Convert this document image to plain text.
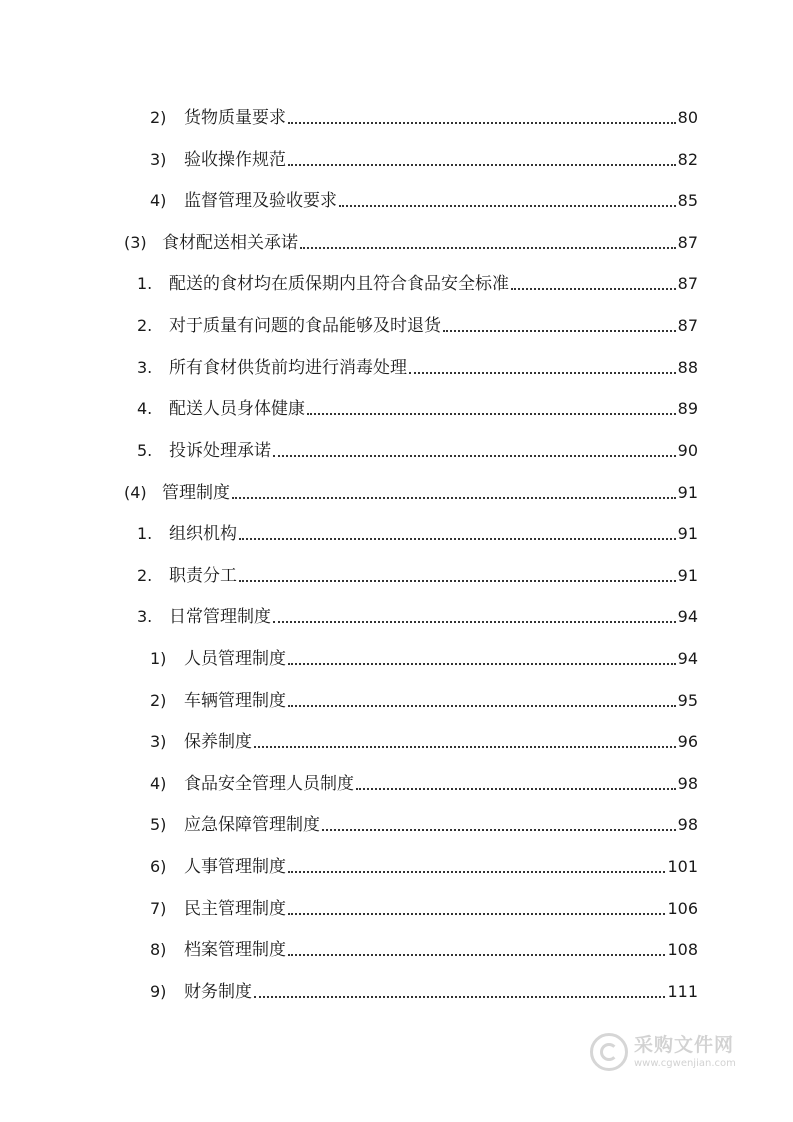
2)	货物质量要求	80
3)	验收操作规范	82
4)	监督管理及验收要求	85
(3) 食材配送相关承诺	87
1. 配送的食材均在质保期内且符合食品安全标准	87
2. 对于质量有问题的食品能够及时退货	87
3. 所有食材供货前均进行消毒处理	88
4. 配送人员身体健康	89
5. 投诉处理承诺	90
(4) 管理制度	91
1. 组织机构	91
2. 职责分工	91
3. 日常管理制度	94
1)	人员管理制度	94
2)	车辆管理制度	95
3)	保养制度	96
4)	食品安全管理人员制度	98
5)	应急保障管理制度	98
6)	人事管理制度	101
7)	民主管理制度	106
8)	档案管理制度	108
9)	财务制度	111
采购文件网
www.cgwenjian.com
